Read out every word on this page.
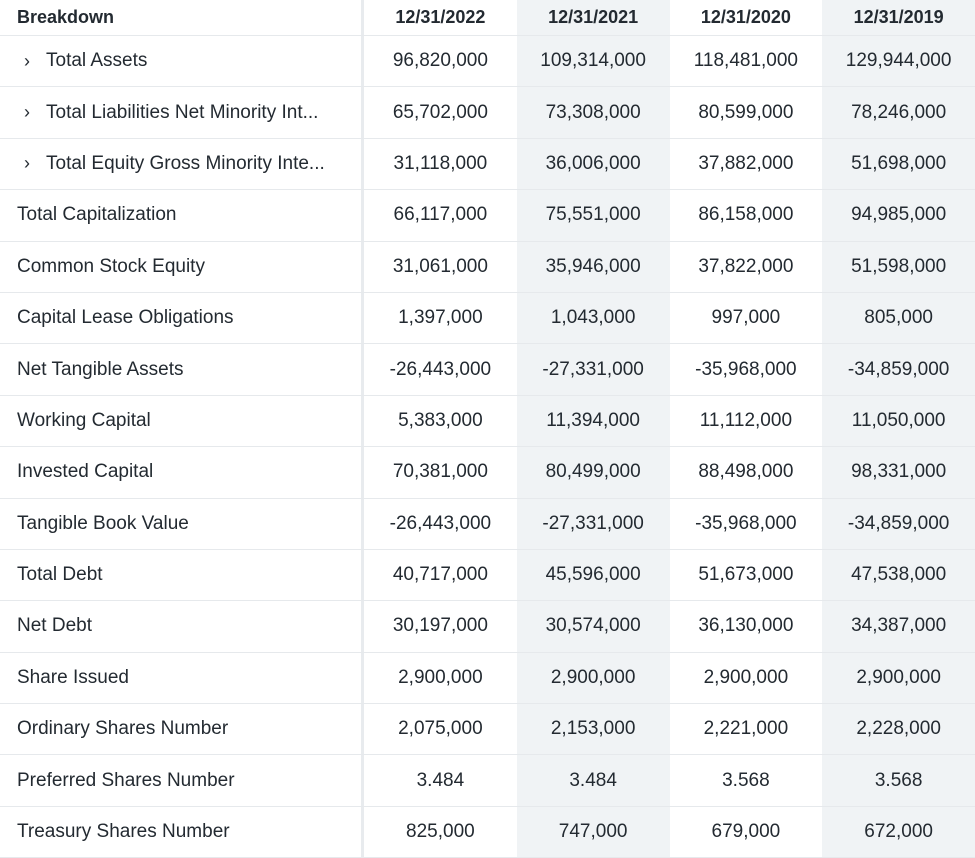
Breakdown	12/31/2022	12/31/2021	12/31/2020	12/31/2019
› Total Assets	96,820,000	109,314,000	118,481,000	129,944,000
› Total Liabilities Net Minority Int...	65,702,000	73,308,000	80,599,000	78,246,000
› Total Equity Gross Minority Inte...	31,118,000	36,006,000	37,882,000	51,698,000
Total Capitalization	66,117,000	75,551,000	86,158,000	94,985,000
Common Stock Equity	31,061,000	35,946,000	37,822,000	51,598,000
Capital Lease Obligations	1,397,000	1,043,000	997,000	805,000
Net Tangible Assets	-26,443,000	-27,331,000	-35,968,000	-34,859,000
Working Capital	5,383,000	11,394,000	11,112,000	11,050,000
Invested Capital	70,381,000	80,499,000	88,498,000	98,331,000
Tangible Book Value	-26,443,000	-27,331,000	-35,968,000	-34,859,000
Total Debt	40,717,000	45,596,000	51,673,000	47,538,000
Net Debt	30,197,000	30,574,000	36,130,000	34,387,000
Share Issued	2,900,000	2,900,000	2,900,000	2,900,000
Ordinary Shares Number	2,075,000	2,153,000	2,221,000	2,228,000
Preferred Shares Number	3.484	3.484	3.568	3.568
Treasury Shares Number	825,000	747,000	679,000	672,000
